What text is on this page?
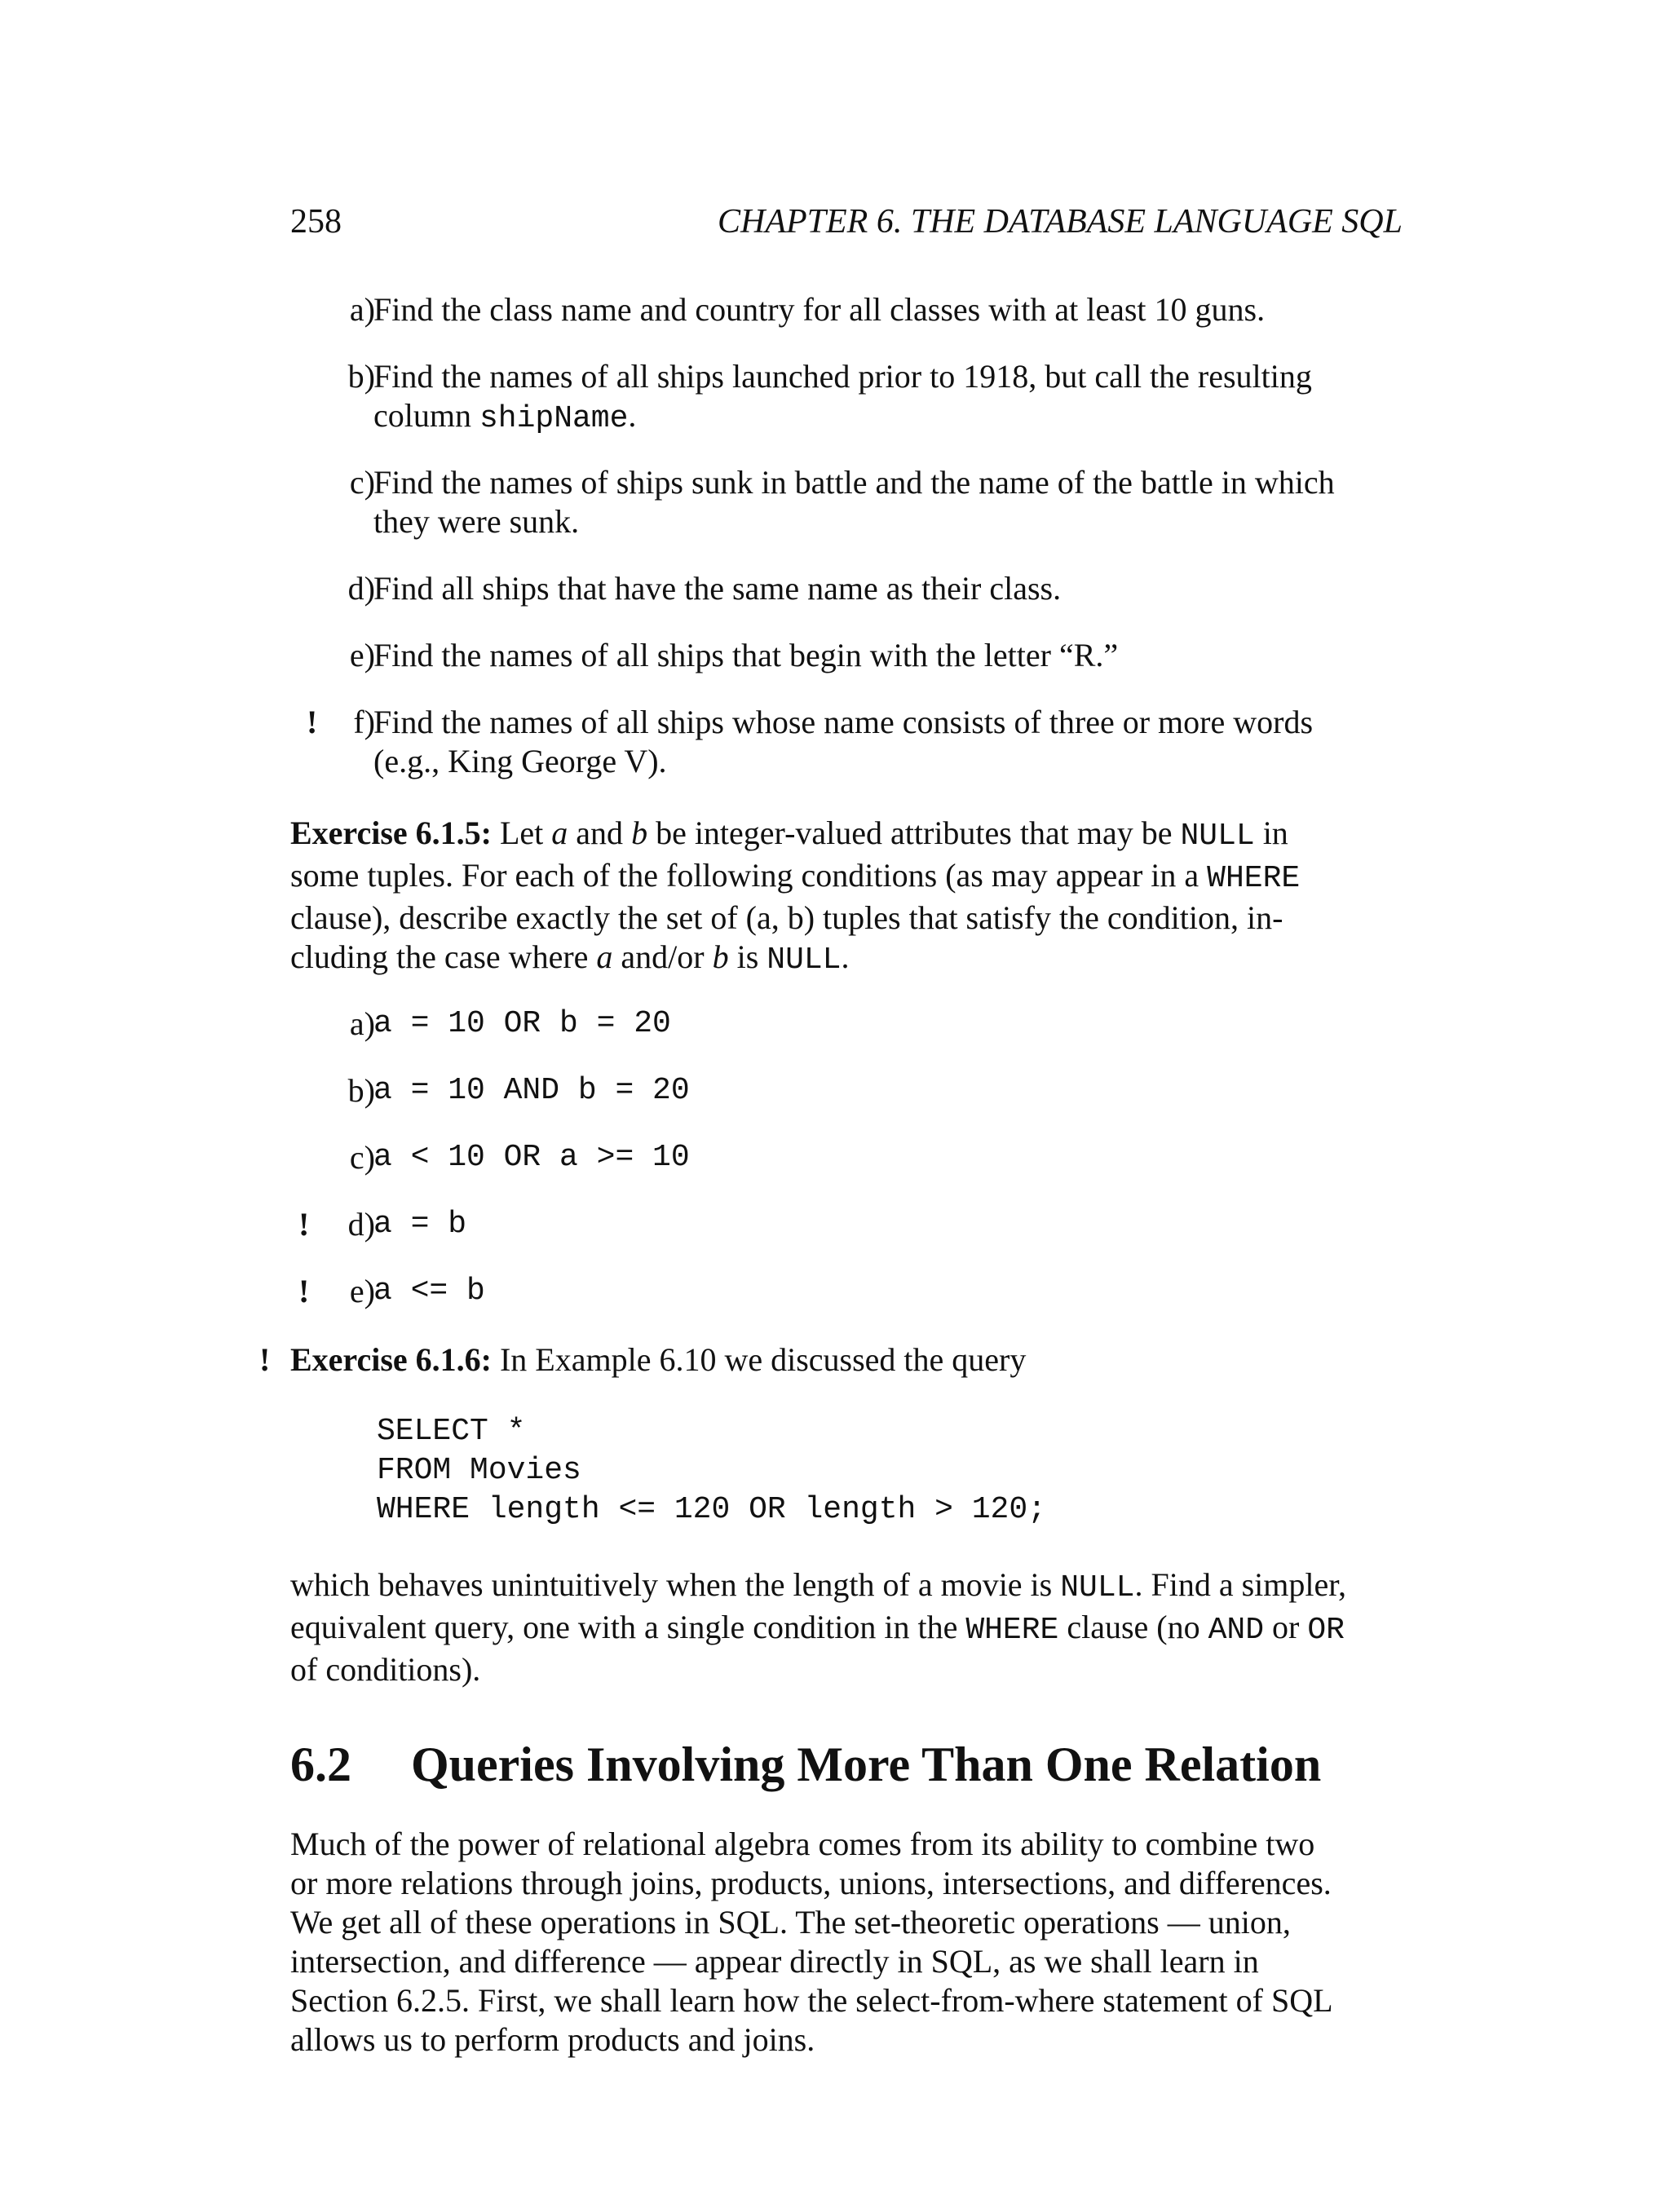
258	CHAPTER 6. THE DATABASE LANGUAGE SQL
a)
Find the class name and country for all classes with at least 10 guns.
b)
Find the names of all ships launched prior to 1918, but call the resulting
column shipName.
c)
Find the names of ships sunk in battle and the name of the battle in which
they were sunk.
d)
Find all ships that have the same name as their class.
e)
Find the names of all ships that begin with the letter “R.”
!	f)
Find the names of all ships whose name consists of three or more words
(e.g., King George V).
Exercise 6.1.5: Let a and b be integer-valued attributes that may be NULL in
some tuples. For each of the following conditions (as may appear in a WHERE
clause), describe exactly the set of (a, b) tuples that satisfy the condition, in-
cluding the case where a and/or b is NULL.
a)
a = 10 OR b = 20
b)
a = 10 AND b = 20
c)
a < 10 OR a >= 10
!	d)
a = b
!	e)
a <= b
! Exercise 6.1.6: In Example 6.10 we discussed the query
SELECT *
FROM Movies
WHERE length <= 120 OR length > 120;
which behaves unintuitively when the length of a movie is NULL. Find a simpler,
equivalent query, one with a single condition in the WHERE clause (no AND or OR
of conditions).
6.2 Queries Involving More Than One Relation
Much of the power of relational algebra comes from its ability to combine two
or more relations through joins, products, unions, intersections, and differences.
We get all of these operations in SQL. The set-theoretic operations — union,
intersection, and difference — appear directly in SQL, as we shall learn in
Section 6.2.5. First, we shall learn how the select-from-where statement of SQL
allows us to perform products and joins.
